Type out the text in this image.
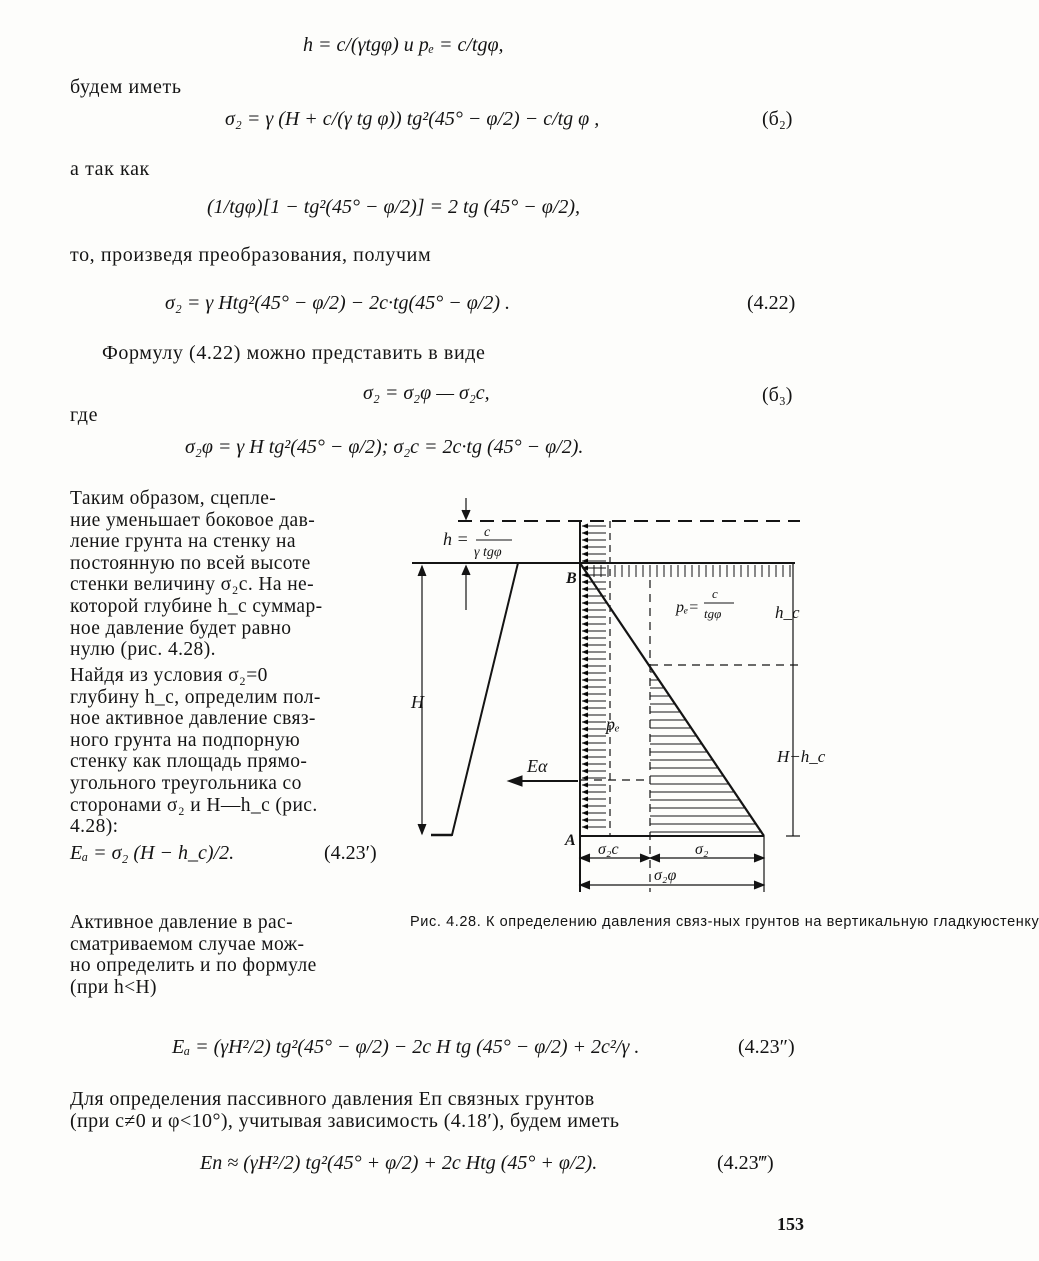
h = c/(γtgφ) и pₑ = c/tgφ,
будем иметь
σ₂ = γ (H + c/(γ tg φ)) tg²(45° − φ/2) − c/tg φ ,	(б₂)
а так как
(1/tgφ)[1 − tg²(45° − φ/2)] = 2 tg (45° − φ/2),
то, произведя преобразования, получим
σ₂ = γ Htg²(45° − φ/2) − 2c·tg(45° − φ/2) .	(4.22)
Формулу (4.22) можно представить в виде
σ₂ = σ₂φ — σ₂c,	(б₃)
где
σ₂φ = γ H tg²(45° − φ/2); σ₂c = 2c·tg (45° − φ/2).
Таким образом, сцепле-
ние уменьшает боковое дав-
ление грунта на стенку на
постоянную по всей высоте
стенки величину σ₂c. На не-
которой глубине h_c суммар-
ное давление будет равно
нулю (рис. 4.28).
Найдя из условия σ₂=0
глубину h_c, определим пол-
ное активное давление связ-
ного грунта на подпорную
стенку как площадь прямо-
угольного треугольника со
сторонами σ₂ и H—h_c (рис.
4.28):
Eₐ = σ₂ (H − h_c)/2.	(4.23′)
Активное давление в рас-
сматриваемом случае мож-
но определить и по формуле
(при h<H)
h = c
γ tgφ
H
B
A
pₑ=
c
tgφ	h_c
H−h_c
pₑ
Eα
σ₂c	σ₂
σ₂φ
Рис. 4.28. К определению давления связ-ных грунтов на вертикальную гладкуюстенку
Eₐ = (γH²/2) tg²(45° − φ/2) − 2c H tg (45° − φ/2) + 2c²/γ .	(4.23″)
Для определения пассивного давления Eп связных грунтов
(при c≠0 и φ<10°), учитывая зависимость (4.18′), будем иметь
Eп ≈ (γH²/2) tg²(45° + φ/2) + 2c Htg (45° + φ/2).	(4.23‴)
153
